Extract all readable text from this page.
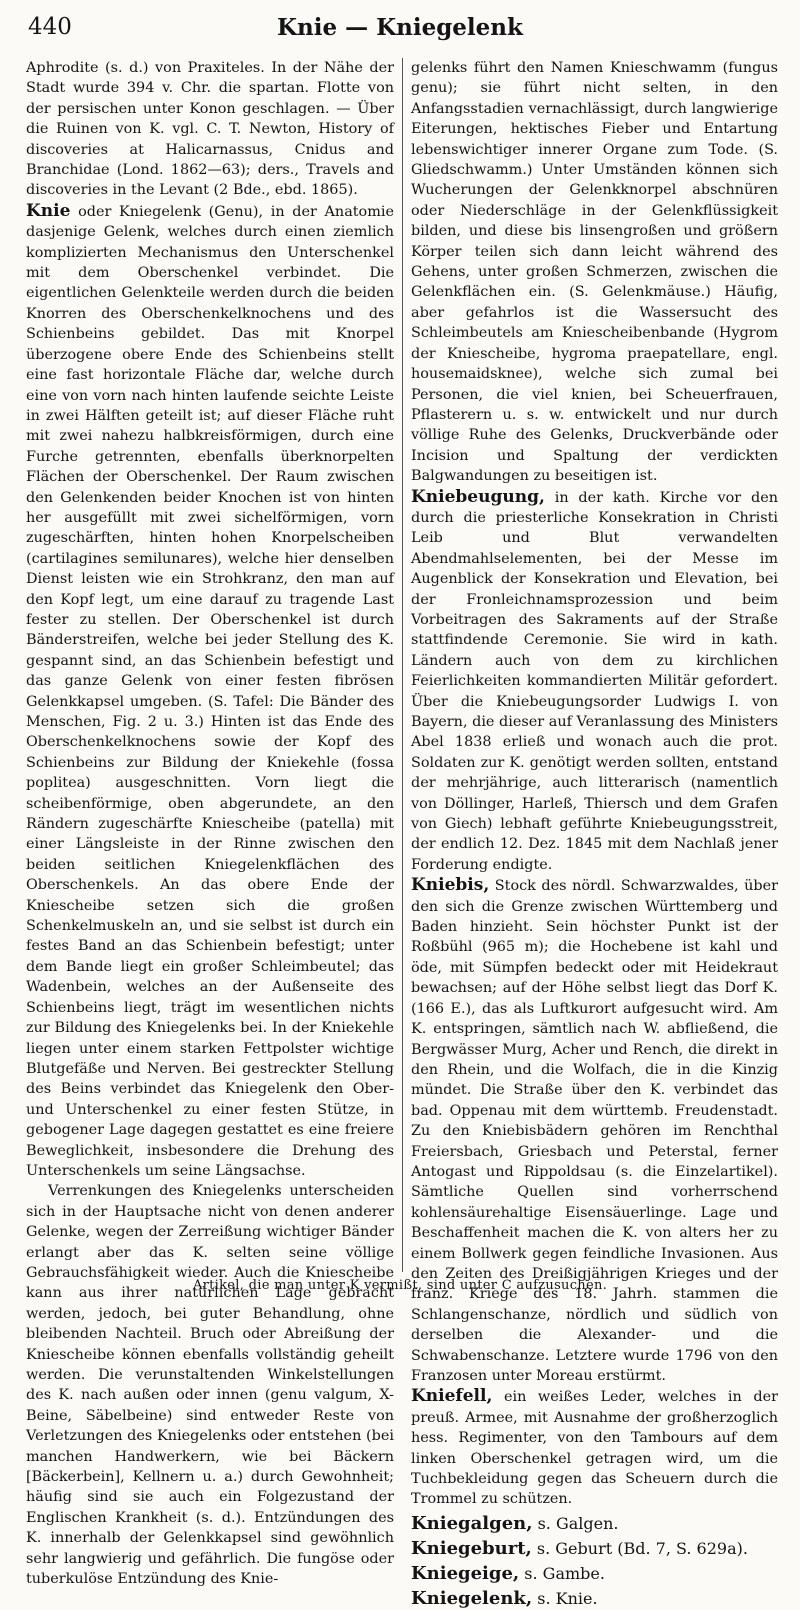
440	Knie — Kniegelenk

Aphrodite (s. d.) von Praxiteles. In der Nähe der Stadt wurde 394 v. Chr. die spartan. Flotte von der persischen unter Konon geschlagen. — Über die Ruinen von K. vgl. C. T. Newton, History of discoveries at Halicarnassus, Cnidus and Branchidae (Lond. 1862—63); ders., Travels and discoveries in the Levant (2 Bde., ebd. 1865).

Knie oder Kniegelenk (Genu), in der Anatomie dasjenige Gelenk, welches durch einen ziemlich komplizierten Mechanismus den Unterschenkel mit dem Oberschenkel verbindet. Die eigentlichen Gelenkteile werden durch die beiden Knorren des Oberschenkelknochens und des Schienbeins gebildet. Das mit Knorpel überzogene obere Ende des Schienbeins stellt eine fast horizontale Fläche dar, welche durch eine von vorn nach hinten laufende seichte Leiste in zwei Hälften geteilt ist; auf dieser Fläche ruht mit zwei nahezu halbkreisförmigen, durch eine Furche getrennten, ebenfalls überknorpelten Flächen der Oberschenkel. Der Raum zwischen den Gelenkenden beider Knochen ist von hinten her ausgefüllt mit zwei sichelförmigen, vorn zugeschärften, hinten hohen Knorpelscheiben (cartilagines semilunares), welche hier denselben Dienst leisten wie ein Strohkranz, den man auf den Kopf legt, um eine darauf zu tragende Last fester zu stellen. Der Oberschenkel ist durch Bänderstreifen, welche bei jeder Stellung des K. gespannt sind, an das Schienbein befestigt und das ganze Gelenk von einer festen fibrösen Gelenkkapsel umgeben. (S. Tafel: Die Bänder des Menschen, Fig. 2 u. 3.) Hinten ist das Ende des Oberschenkelknochens sowie der Kopf des Schienbeins zur Bildung der Kniekehle (fossa poplitea) ausgeschnitten. Vorn liegt die scheibenförmige, oben abgerundete, an den Rändern zugeschärfte Kniescheibe (patella) mit einer Längsleiste in der Rinne zwischen den beiden seitlichen Kniegelenkflächen des Oberschenkels. An das obere Ende der Kniescheibe setzen sich die großen Schenkelmuskeln an, und sie selbst ist durch ein festes Band an das Schienbein befestigt; unter dem Bande liegt ein großer Schleimbeutel; das Wadenbein, welches an der Außenseite des Schienbeins liegt, trägt im wesentlichen nichts zur Bildung des Kniegelenks bei. In der Kniekehle liegen unter einem starken Fettpolster wichtige Blutgefäße und Nerven. Bei gestreckter Stellung des Beins verbindet das Kniegelenk den Ober- und Unterschenkel zu einer festen Stütze, in gebogener Lage dagegen gestattet es eine freiere Beweglichkeit, insbesondere die Drehung des Unterschenkels um seine Längsachse.

Verrenkungen des Kniegelenks unterscheiden sich in der Hauptsache nicht von denen anderer Gelenke, wegen der Zerreißung wichtiger Bänder erlangt aber das K. selten seine völlige Gebrauchsfähigkeit wieder. Auch die Kniescheibe kann aus ihrer natürlichen Lage gebracht werden, jedoch, bei guter Behandlung, ohne bleibenden Nachteil. Bruch oder Abreißung der Kniescheibe können ebenfalls vollständig geheilt werden. Die verunstaltenden Winkelstellungen des K. nach außen oder innen (genu valgum, X-Beine, Säbelbeine) sind entweder Reste von Verletzungen des Kniegelenks oder entstehen (bei manchen Handwerkern, wie bei Bäckern [Bäckerbein], Kellnern u. a.) durch Gewohnheit; häufig sind sie auch ein Folgezustand der Englischen Krankheit (s. d.). Entzündungen des K. innerhalb der Gelenkkapsel sind gewöhnlich sehr langwierig und gefährlich. Die fungöse oder tuberkulöse Entzündung des Knie-

gelenks führt den Namen Knieschwamm (fungus genu); sie führt nicht selten, in den Anfangsstadien vernachlässigt, durch langwierige Eiterungen, hektisches Fieber und Entartung lebenswichtiger innerer Organe zum Tode. (S. Gliedschwamm.) Unter Umständen können sich Wucherungen der Gelenkknorpel abschnüren oder Niederschläge in der Gelenkflüssigkeit bilden, und diese bis linsengroßen und größern Körper teilen sich dann leicht während des Gehens, unter großen Schmerzen, zwischen die Gelenkflächen ein. (S. Gelenkmäuse.) Häufig, aber gefahrlos ist die Wassersucht des Schleimbeutels am Kniescheibenbande (Hygrom der Kniescheibe, hygroma praepatellare, engl. housemaidsknee), welche sich zumal bei Personen, die viel knien, bei Scheuerfrauen, Pflasterern u. s. w. entwickelt und nur durch völlige Ruhe des Gelenks, Druckverbände oder Incision und Spaltung der verdickten Balgwandungen zu beseitigen ist.

Kniebeugung, in der kath. Kirche vor den durch die priesterliche Konsekration in Christi Leib und Blut verwandelten Abendmahlselementen, bei der Messe im Augenblick der Konsekration und Elevation, bei der Fronleichnamsprozession und beim Vorbeitragen des Sakraments auf der Straße stattfindende Ceremonie. Sie wird in kath. Ländern auch von dem zu kirchlichen Feierlichkeiten kommandierten Militär gefordert. Über die Kniebeugungsorder Ludwigs I. von Bayern, die dieser auf Veranlassung des Ministers Abel 1838 erließ und wonach auch die prot. Soldaten zur K. genötigt werden sollten, entstand der mehrjährige, auch litterarisch (namentlich von Döllinger, Harleß, Thiersch und dem Grafen von Giech) lebhaft geführte Kniebeugungsstreit, der endlich 12. Dez. 1845 mit dem Nachlaß jener Forderung endigte.

Kniebis, Stock des nördl. Schwarzwaldes, über den sich die Grenze zwischen Württemberg und Baden hinzieht. Sein höchster Punkt ist der Roßbühl (965 m); die Hochebene ist kahl und öde, mit Sümpfen bedeckt oder mit Heidekraut bewachsen; auf der Höhe selbst liegt das Dorf K. (166 E.), das als Luftkurort aufgesucht wird. Am K. entspringen, sämtlich nach W. abfließend, die Bergwässer Murg, Acher und Rench, die direkt in den Rhein, und die Wolfach, die in die Kinzig mündet. Die Straße über den K. verbindet das bad. Oppenau mit dem württemb. Freudenstadt. Zu den Kniebisbädern gehören im Renchthal Freiersbach, Griesbach und Peterstal, ferner Antogast und Rippoldsau (s. die Einzelartikel). Sämtliche Quellen sind vorherrschend kohlensäurehaltige Eisensäuerlinge. Lage und Beschaffenheit machen die K. von alters her zu einem Bollwerk gegen feindliche Invasionen. Aus den Zeiten des Dreißigjährigen Krieges und der franz. Kriege des 18. Jahrh. stammen die Schlangenschanze, nördlich und südlich von derselben die Alexander- und die Schwabenschanze. Letztere wurde 1796 von den Franzosen unter Moreau erstürmt.

Kniefell, ein weißes Leder, welches in der preuß. Armee, mit Ausnahme der großherzoglich hess. Regimenter, von den Tambours auf dem linken Oberschenkel getragen wird, um die Tuchbekleidung gegen das Scheuern durch die Trommel zu schützen.

Kniegalgen, s. Galgen.

Kniegeburt, s. Geburt (Bd. 7, S. 629a).

Kniegeige, s. Gambe.

Kniegelenk, s. Knie.

Artikel, die man unter K vermißt, sind unter C aufzusuchen.
